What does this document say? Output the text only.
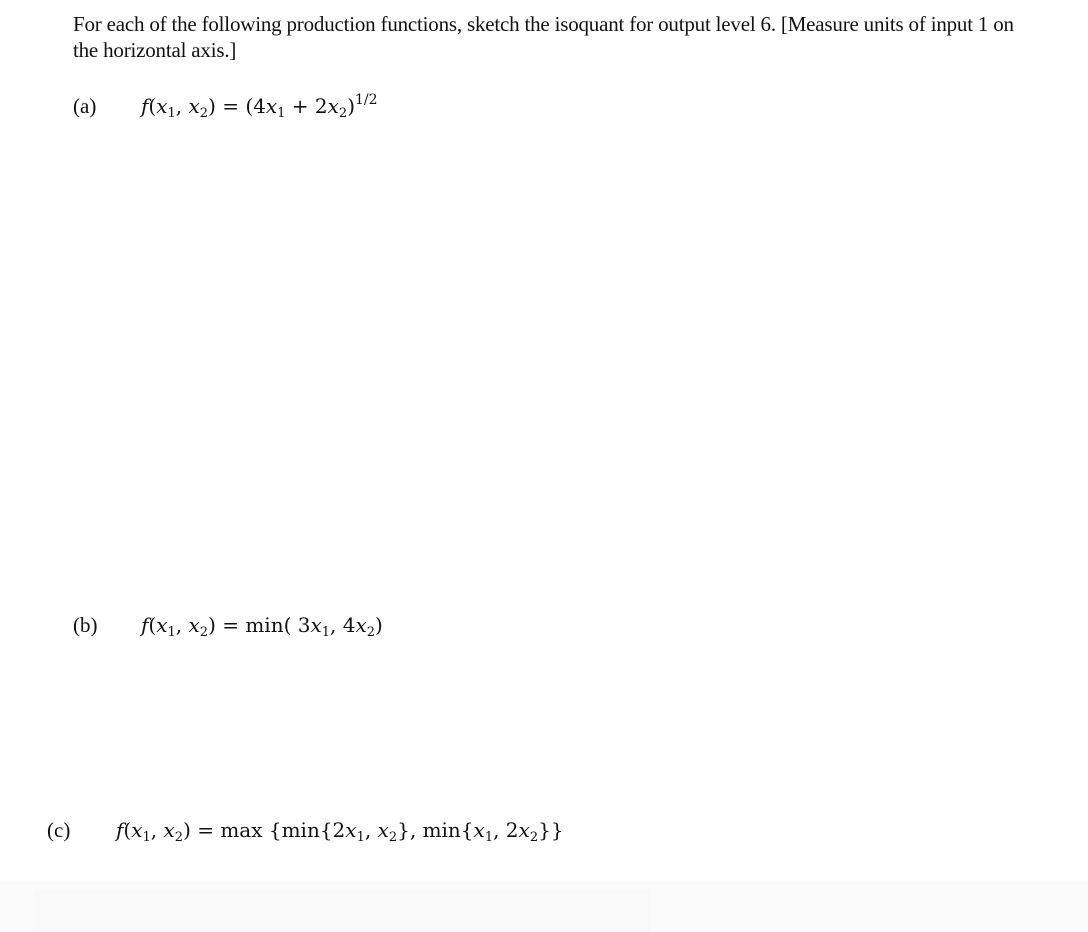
For each of the following production functions, sketch the isoquant for output level 6. [Measure units of input 1 on the horizontal axis.]
(a) $f(x_1$, $x_2) = (4x_1 + 2x_2)^{1/2}$
(b) $f(x_1$, $x_2) = \min$( $3x_1$, $4x_2$)
(c) $f(x_1$, $x_2) = \max \{\min\{2x_1$, $x_2$}, $\min\{x_1$, $2x_2$}}
